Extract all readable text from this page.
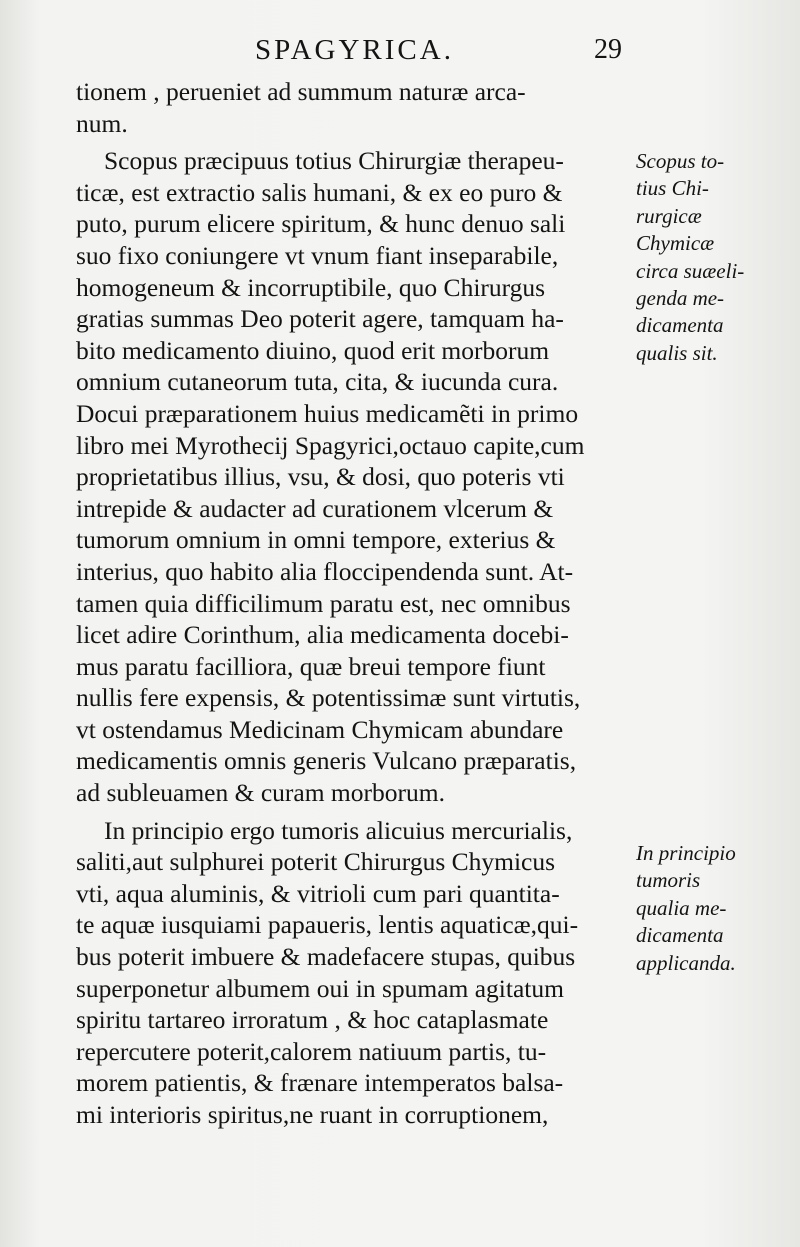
SPAGYRICA.	29
tionem , perueniet ad summum naturæ arca-
num.
Scopus præcipuus totius Chirurgiæ therapeu-
ticæ, est extractio salis humani, & ex eo puro &
puto, purum elicere spiritum, & hunc denuo sali
suo fixo coniungere vt vnum fiant inseparabile,
homogeneum & incorruptibile, quo Chirurgus
gratias summas Deo poterit agere, tamquam ha-
bito medicamento diuino, quod erit morborum
omnium cutaneorum tuta, cita, & iucunda cura.
Docui præparationem huius medicamẽti in primo
libro mei Myrothecij Spagyrici,octauo capite,cum
proprietatibus illius, vsu, & dosi, quo poteris vti
intrepide & audacter ad curationem vlcerum &
tumorum omnium in omni tempore, exterius &
interius, quo habito alia floccipendenda sunt. At-
tamen quia difficilimum paratu est, nec omnibus
licet adire Corinthum, alia medicamenta docebi-
mus paratu facilliora, quæ breui tempore fiunt
nullis fere expensis, & potentissimæ sunt virtutis,
vt ostendamus Medicinam Chymicam abundare
medicamentis omnis generis Vulcano præparatis,
ad subleuamen & curam morborum.
In principio ergo tumoris alicuius mercurialis,
saliti,aut sulphurei poterit Chirurgus Chymicus
vti, aqua aluminis, & vitrioli cum pari quantita-
te aquæ iusquiami papaueris, lentis aquaticæ,qui-
bus poterit imbuere & madefacere stupas, quibus
superponetur albumem oui in spumam agitatum
spiritu tartareo irroratum , & hoc cataplasmate
repercutere poterit,calorem natiuum partis, tu-
morem patientis, & frænare intemperatos balsa-
mi interioris spiritus,ne ruant in corruptionem,
Scopus to-
tius Chi-
rurgicæ
Chymicæ
circa suæeli-
genda me-
dicamenta
qualis sit.
In principio
tumoris
qualia me-
dicamenta
applicanda.
